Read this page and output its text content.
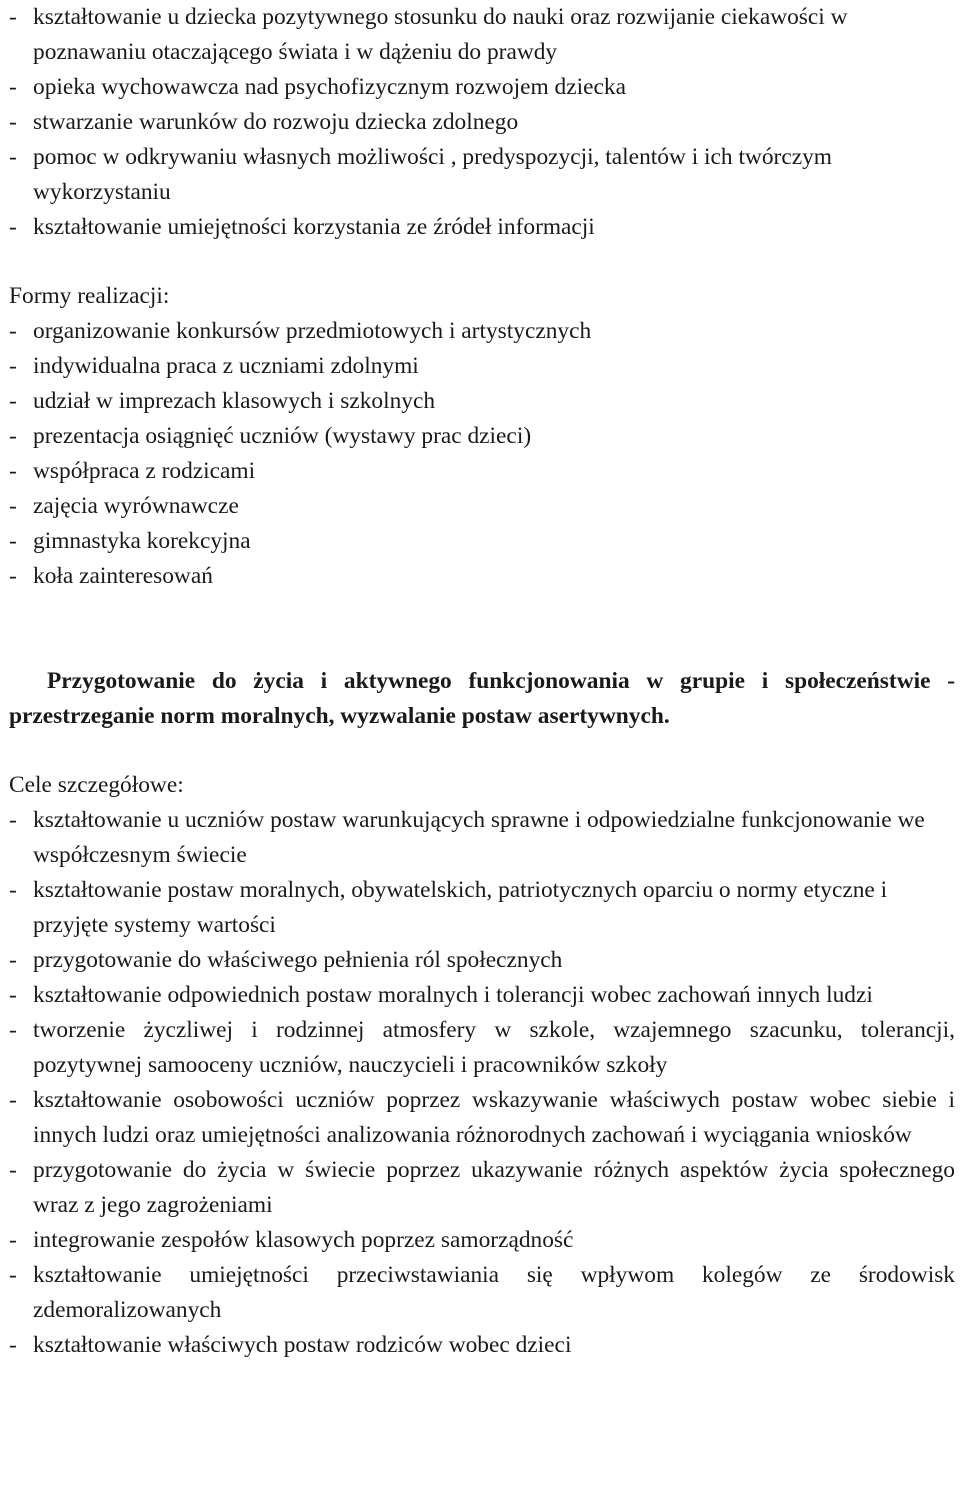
- kształtowanie u dziecka pozytywnego stosunku do nauki oraz rozwijanie ciekawości w poznawaniu otaczającego świata i w dążeniu do prawdy

- opieka wychowawcza nad psychofizycznym rozwojem dziecka

- stwarzanie warunków do rozwoju dziecka zdolnego

- pomoc w odkrywaniu własnych możliwości , predyspozycji, talentów i ich twórczym wykorzystaniu

- kształtowanie umiejętności korzystania ze źródeł informacji

Formy realizacji:

- organizowanie konkursów przedmiotowych i artystycznych

- indywidualna praca z uczniami zdolnymi

- udział w imprezach klasowych i szkolnych

- prezentacja osiągnięć uczniów (wystawy prac dzieci)

- współpraca z rodzicami

- zajęcia wyrównawcze

- gimnastyka korekcyjna

- koła zainteresowań

Przygotowanie do życia i aktywnego funkcjonowania w grupie i społeczeństwie - przestrzeganie norm moralnych, wyzwalanie postaw asertywnych.

Cele szczegółowe:

- kształtowanie u uczniów postaw warunkujących sprawne i odpowiedzialne funkcjonowanie we współczesnym świecie

- kształtowanie postaw moralnych, obywatelskich, patriotycznych oparciu o normy etyczne i przyjęte systemy wartości

- przygotowanie do właściwego pełnienia ról społecznych

- kształtowanie odpowiednich postaw moralnych i tolerancji wobec zachowań innych ludzi

- tworzenie życzliwej i rodzinnej atmosfery w szkole, wzajemnego szacunku, tolerancji, pozytywnej samooceny uczniów, nauczycieli i pracowników szkoły

- kształtowanie osobowości uczniów poprzez wskazywanie właściwych postaw wobec siebie i innych ludzi oraz umiejętności analizowania różnorodnych zachowań i wyciągania wniosków

- przygotowanie do życia w świecie poprzez ukazywanie różnych aspektów życia społecznego wraz z jego zagrożeniami

- integrowanie zespołów klasowych poprzez samorządność

- kształtowanie umiejętności przeciwstawiania się wpływom kolegów ze środowisk zdemoralizowanych

- kształtowanie właściwych postaw rodziców wobec dzieci
